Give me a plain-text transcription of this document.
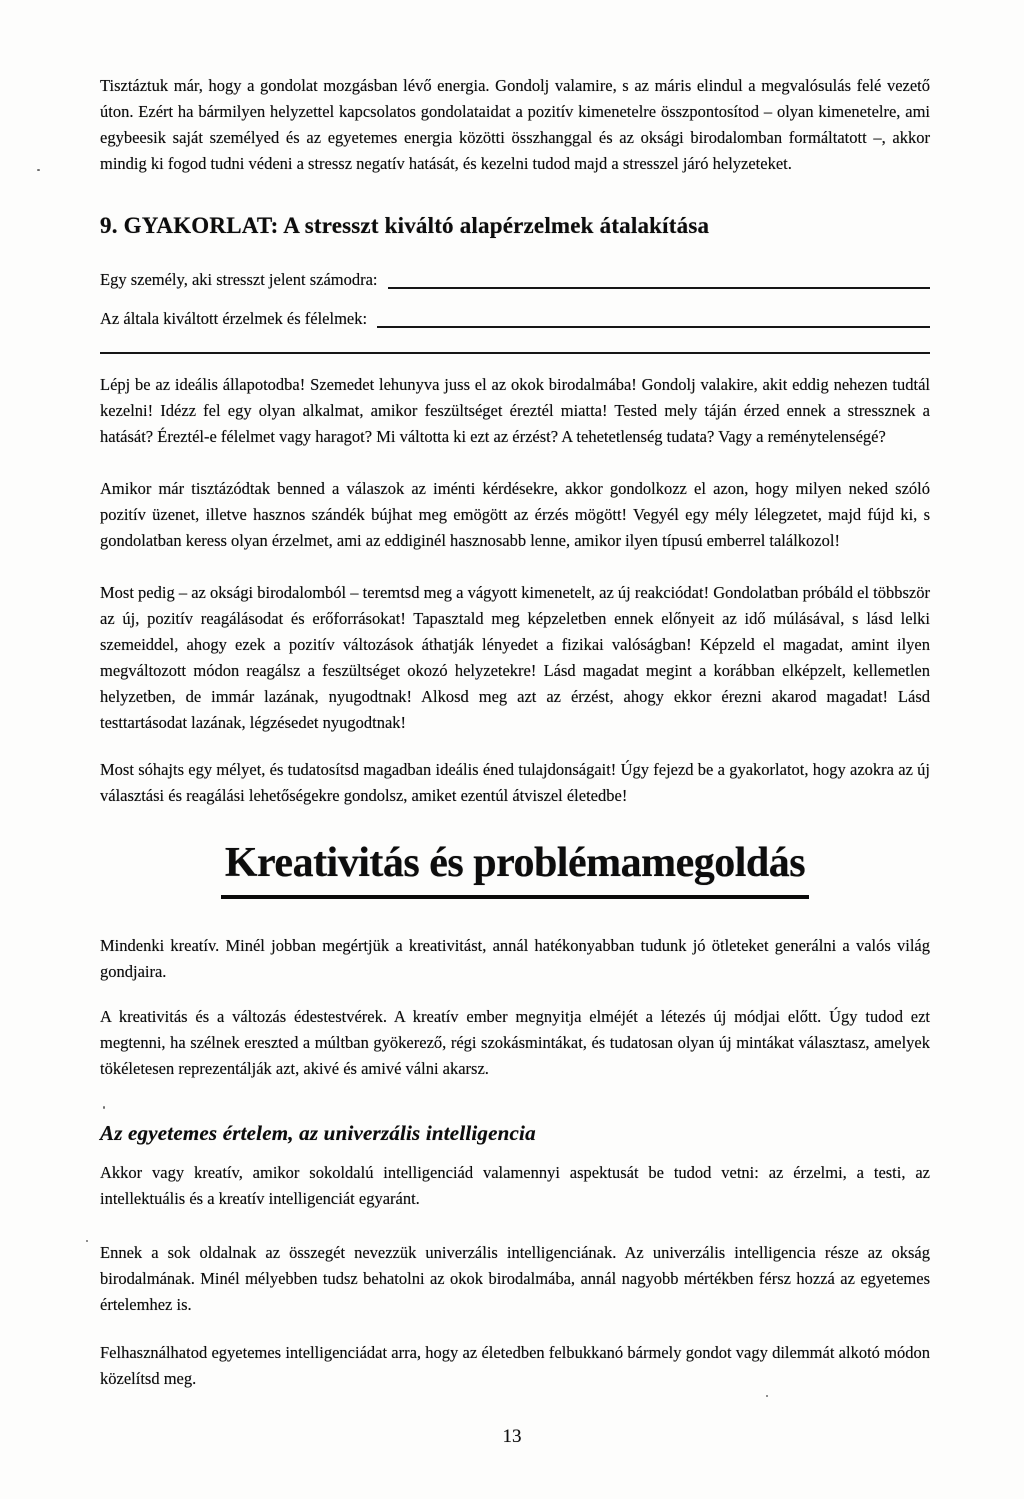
Tisztáztuk már, hogy a gondolat mozgásban lévő energia. Gondolj valamire, s az máris elindul a megvalósulás felé vezető úton. Ezért ha bármilyen helyzettel kapcsolatos gondolataidat a pozitív kimenetelre összpontosítod – olyan kimenetelre, ami egybeesik saját személyed és az egyetemes energia közötti összhanggal és az oksági birodalomban formáltatott –, akkor mindig ki fogod tudni védeni a stressz negatív hatását, és kezelni tudod majd a stresszel járó helyzeteket.

9. GYAKORLAT: A stresszt kiváltó alapérzelmek átalakítása
Egy személy, aki stresszt jelent számodra:
Az általa kiváltott érzelmek és félelmek:

Lépj be az ideális állapotodba! Szemedet lehunyva juss el az okok birodalmába! Gondolj valakire, akit eddig nehezen tudtál kezelni! Idézz fel egy olyan alkalmat, amikor feszültséget éreztél miatta! Tested mely táján érzed ennek a stressznek a hatását? Éreztél-e félelmet vagy haragot? Mi váltotta ki ezt az érzést? A tehetetlenség tudata? Vagy a reménytelenségé?

Amikor már tisztázódtak benned a válaszok az iménti kérdésekre, akkor gondolkozz el azon, hogy milyen neked szóló pozitív üzenet, illetve hasznos szándék bújhat meg emögött az érzés mögött! Vegyél egy mély lélegzetet, majd fújd ki, s gondolatban keress olyan érzelmet, ami az eddiginél hasznosabb lenne, amikor ilyen típusú emberrel találkozol!

Most pedig – az oksági birodalomból – teremtsd meg a vágyott kimenetelt, az új reakciódat! Gondolatban próbáld el többször az új, pozitív reagálásodat és erőforrásokat! Tapasztald meg képzeletben ennek előnyeit az idő múlásával, s lásd lelki szemeiddel, ahogy ezek a pozitív változások áthatják lényedet a fizikai valóságban! Képzeld el magadat, amint ilyen megváltozott módon reagálsz a feszültséget okozó helyzetekre! Lásd magadat megint a korábban elképzelt, kellemetlen helyzetben, de immár lazának, nyugodtnak! Alkosd meg azt az érzést, ahogy ekkor érezni akarod magadat! Lásd testtartásodat lazának, légzésedet nyugodtnak!

Most sóhajts egy mélyet, és tudatosítsd magadban ideális éned tulajdonságait! Úgy fejezd be a gyakorlatot, hogy azokra az új választási és reagálási lehetőségekre gondolsz, amiket ezentúl átviszel életedbe!

Kreativitás és problémamegoldás

Mindenki kreatív. Minél jobban megértjük a kreativitást, annál hatékonyabban tudunk jó ötleteket generálni a valós világ gondjaira.

A kreativitás és a változás édestestvérek. A kreatív ember megnyitja elméjét a létezés új módjai előtt. Úgy tudod ezt megtenni, ha szélnek ereszted a múltban gyökerező, régi szokásmintákat, és tudatosan olyan új mintákat választasz, amelyek tökéletesen reprezentálják azt, akivé és amivé válni akarsz.

Az egyetemes értelem, az univerzális intelligencia

Akkor vagy kreatív, amikor sokoldalú intelligenciád valamennyi aspektusát be tudod vetni: az érzelmi, a testi, az intellektuális és a kreatív intelligenciát egyaránt.

Ennek a sok oldalnak az összegét nevezzük univerzális intelligenciának. Az univerzális intelligencia része az okság birodalmának. Minél mélyebben tudsz behatolni az okok birodalmába, annál nagyobb mértékben férsz hozzá az egyetemes értelemhez is.

Felhasználhatod egyetemes intelligenciádat arra, hogy az életedben felbukkanó bármely gondot vagy dilemmát alkotó módon közelítsd meg.

13
